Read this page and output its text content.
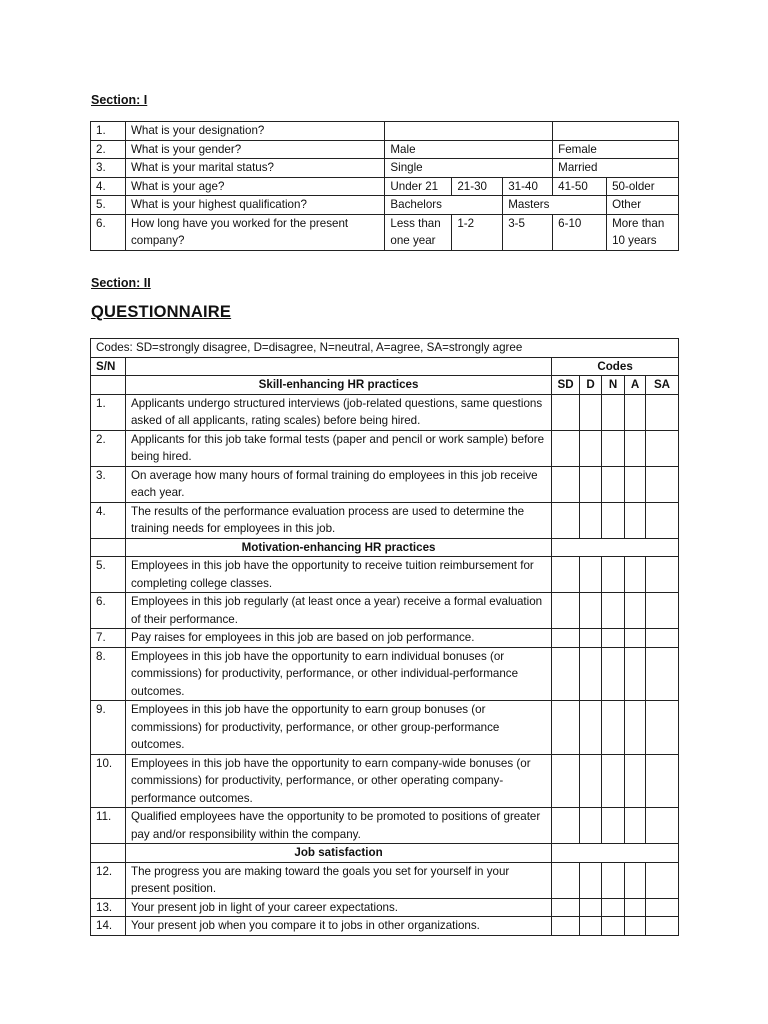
Section: I
1.	What is your designation?					
2.	What is your gender?	Male			Female	
3.	What is your marital status?	Single			Married	
4.	What is your age?	Under 21	21-30	31-40	41-50	50-older
5.	What is your highest qualification?	Bachelors		Masters		Other
6.	How long have you worked for the present company?	Less than one year	1-2	3-5	6-10	More than 10 years
Section: II
QUESTIONNAIRE
Codes: SD=strongly disagree, D=disagree, N=neutral, A=agree, SA=strongly agree						
S/N		Codes				
	Skill-enhancing HR practices	SD	D	N	A	SA
1.	Applicants undergo structured interviews (job-related questions, same questions asked of all applicants, rating scales) before being hired.					
2.	Applicants for this job take formal tests (paper and pencil or work sample) before being hired.					
3.	On average how many hours of formal training do employees in this job receive each year.					
4.	The results of the performance evaluation process are used to determine the training needs for employees in this job.					
	Motivation-enhancing HR practices					
5.	Employees in this job have the opportunity to receive tuition reimbursement for completing college classes.					
6.	Employees in this job regularly (at least once a year) receive a formal evaluation of their performance.					
7.	Pay raises for employees in this job are based on job performance.					
8.	Employees in this job have the opportunity to earn individual bonuses (or commissions) for productivity, performance, or other individual-performance outcomes.					
9.	Employees in this job have the opportunity to earn group bonuses (or commissions) for productivity, performance, or other group-performance outcomes.					
10.	Employees in this job have the opportunity to earn company-wide bonuses (or commissions) for productivity, performance, or other operating company-performance outcomes.					
11.	Qualified employees have the opportunity to be promoted to positions of greater pay and/or responsibility within the company.					
	Job satisfaction					
12.	The progress you are making toward the goals you set for yourself in your present position.					
13.	Your present job in light of your career expectations.					
14.	Your present job when you compare it to jobs in other organizations.					
